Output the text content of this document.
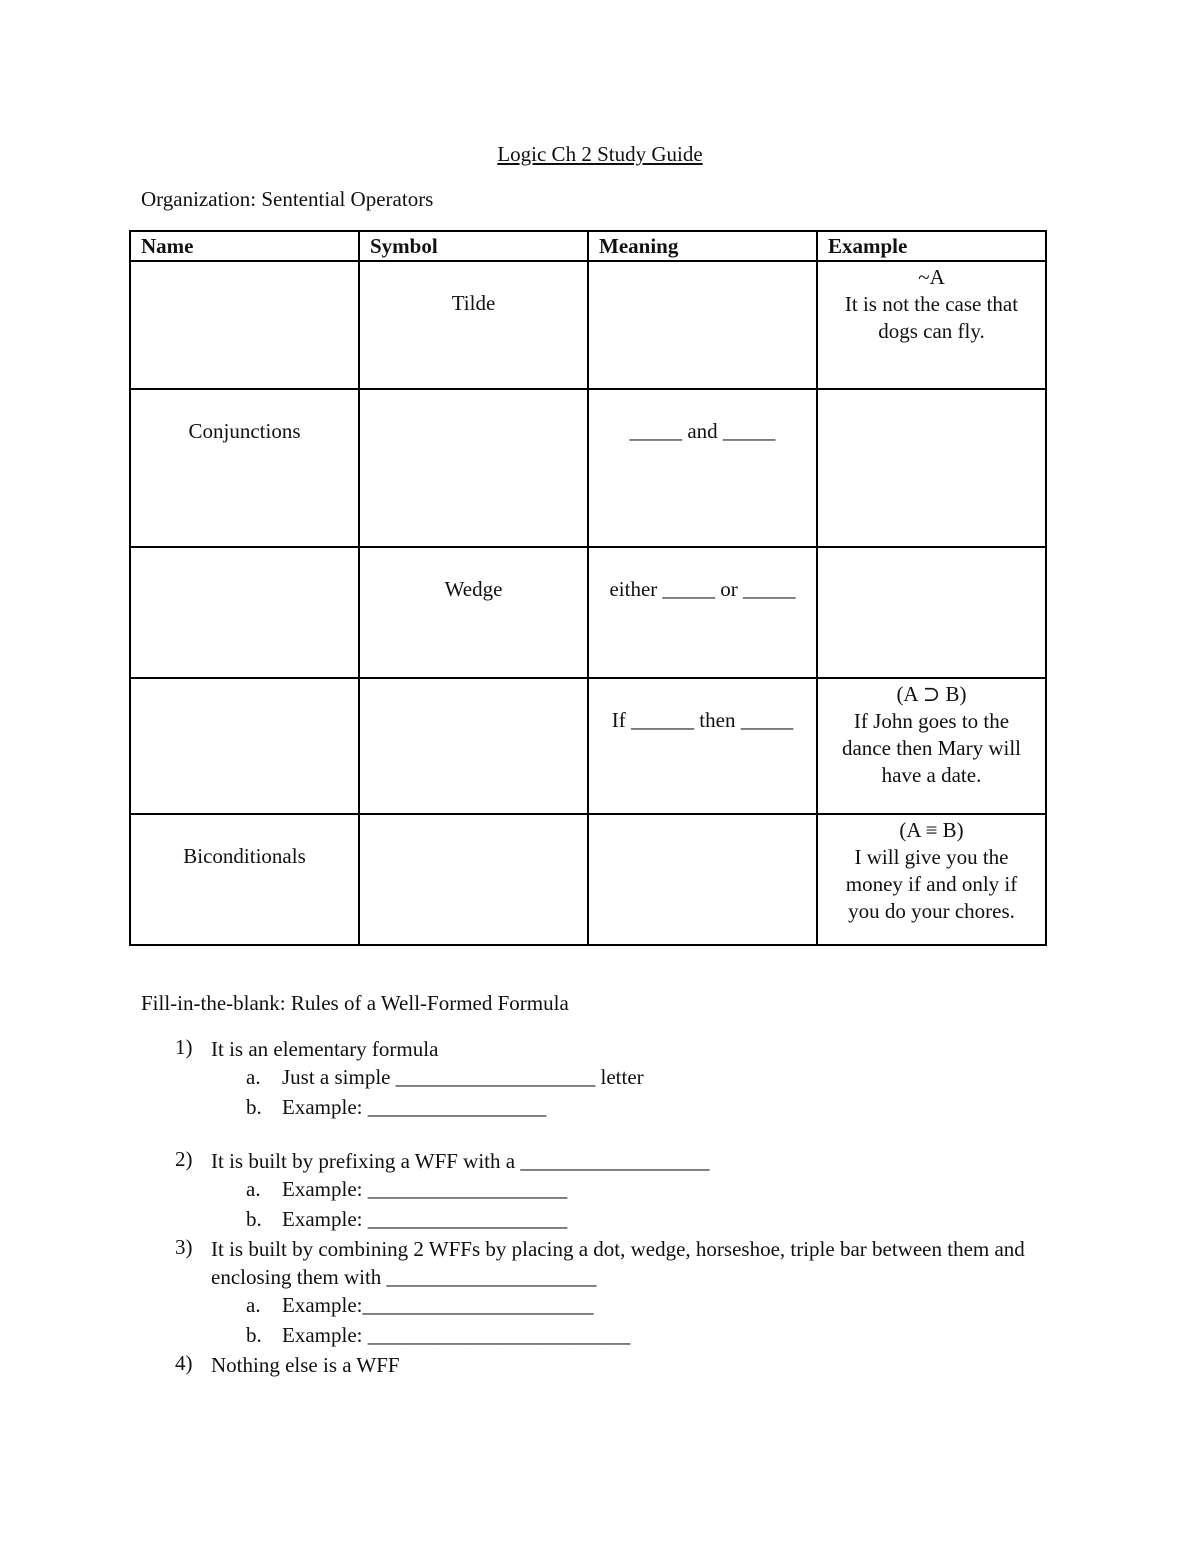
Logic Ch 2 Study Guide
Organization: Sentential Operators
Name	Symbol	Meaning	Example

	Tilde		~A
It is not the case that
dogs can fly.

Conjunctions		_____ and _____	

	Wedge	either _____ or _____	

		If ______ then _____	(A ⊃ B)
If John goes to the
dance then Mary will
have a date.

Biconditionals			(A ≡ B)
I will give you the
money if and only if
you do your chores.
Fill-in-the-blank: Rules of a Well-Formed Formula
1) It is an elementary formula
a. Just a simple ___________________ letter
b. Example: _________________
2) It is built by prefixing a WFF with a __________________
a. Example: ___________________
b. Example: ___________________
3) It is built by combining 2 WFFs by placing a dot, wedge, horseshoe, triple bar between them and enclosing them with ____________________
a. Example:______________________
b. Example: _________________________
4) Nothing else is a WFF
